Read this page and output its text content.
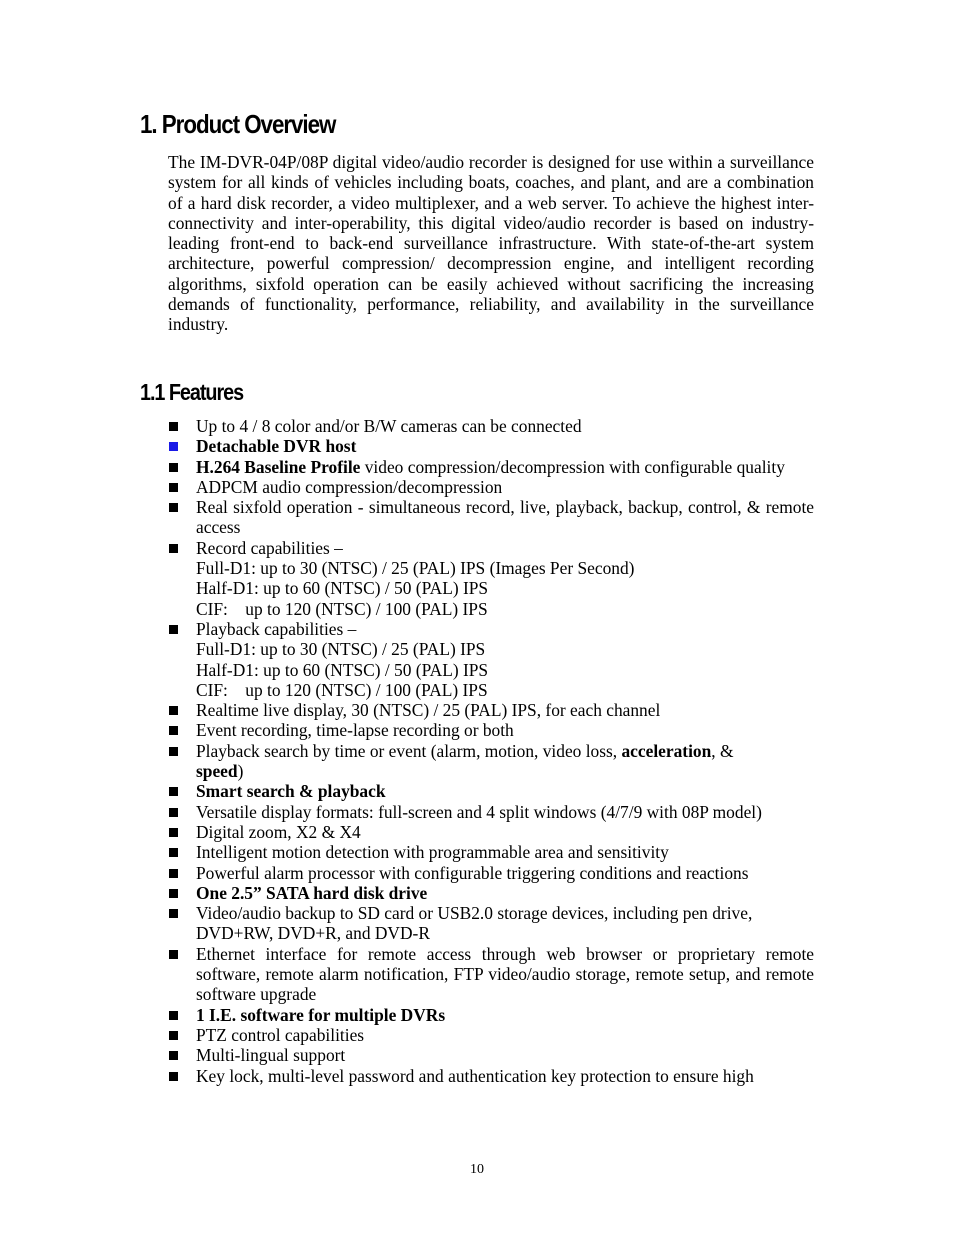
1. Product Overview

The IM-DVR-04P/08P digital video/audio recorder is designed for use within a surveillance system for all kinds of vehicles including boats, coaches, and plant, and are a combination of a hard disk recorder, a video multiplexer, and a web server. To achieve the highest inter-connectivity and inter-operability, this digital video/audio recorder is based on industry-leading front-end to back-end surveillance infrastructure. With state-of-the-art system architecture, powerful compression/ decompression engine, and intelligent recording algorithms, sixfold operation can be easily achieved without sacrificing the increasing demands of functionality, performance, reliability, and availability in the surveillance industry.

1.1 Features
Up to 4 / 8 color and/or B/W cameras can be connected
Detachable DVR host
H.264 Baseline Profile video compression/decompression with configurable quality
ADPCM audio compression/decompression
Real sixfold operation - simultaneous record, live, playback, backup, control, & remote access
Record capabilities –
Full-D1: up to 30 (NTSC) / 25 (PAL) IPS (Images Per Second)
Half-D1: up to 60 (NTSC) / 50 (PAL) IPS
CIF:    up to 120 (NTSC) / 100 (PAL) IPS
Playback capabilities –
Full-D1: up to 30 (NTSC) / 25 (PAL) IPS
Half-D1: up to 60 (NTSC) / 50 (PAL) IPS
CIF:    up to 120 (NTSC) / 100 (PAL) IPS
Realtime live display, 30 (NTSC) / 25 (PAL) IPS, for each channel
Event recording, time-lapse recording or both
Playback search by time or event (alarm, motion, video loss, acceleration, &
speed)
Smart search & playback
Versatile display formats: full-screen and 4 split windows (4/7/9 with 08P model)
Digital zoom, X2 & X4
Intelligent motion detection with programmable area and sensitivity
Powerful alarm processor with configurable triggering conditions and reactions
One 2.5” SATA hard disk drive
Video/audio backup to SD card or USB2.0 storage devices, including pen drive,
DVD+RW, DVD+R, and DVD-R
Ethernet interface for remote access through web browser or proprietary remote software, remote alarm notification, FTP video/audio storage, remote setup, and remote software upgrade
1 I.E. software for multiple DVRs
PTZ control capabilities
Multi-lingual support
Key lock, multi-level password and authentication key protection to ensure high
10
